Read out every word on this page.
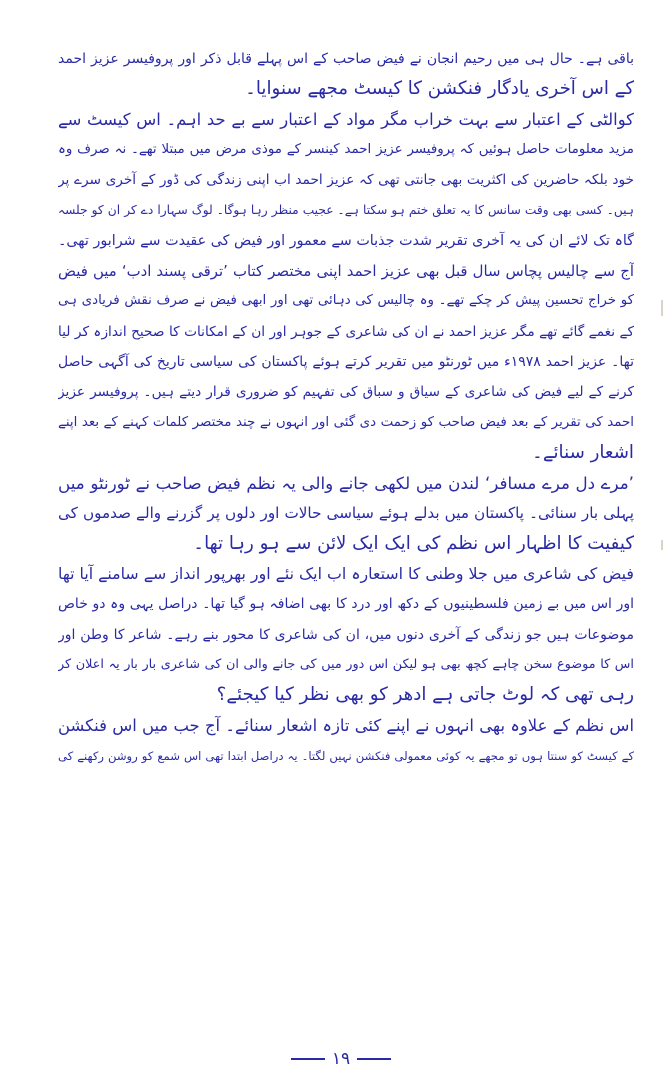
باقی ہے۔ حال ہی میں رحیم انجان نے فیض صاحب کے اس پہلے قابل ذکر اور پروفیسر عزیز احمد
کے اس آخری یادگار فنکشن کا کیسٹ مجھے سنوایا۔
کوالٹی کے اعتبار سے بہت خراب مگر مواد کے اعتبار سے بے حد اہم۔ اس کیسٹ سے
مزید معلومات حاصل ہوئیں کہ پروفیسر عزیز احمد کینسر کے موذی مرض میں مبتلا تھے۔ نہ صرف وہ
خود بلکہ حاضرین کی اکثریت بھی جانتی تھی کہ عزیز احمد اب اپنی زندگی کی ڈور کے آخری سرے پر
ہیں۔ کسی بھی وقت سانس کا یہ تعلق ختم ہو سکتا ہے۔ عجیب منظر رہا ہوگا۔ لوگ سہارا دے کر ان کو جلسہ
گاہ تک لائے ان کی یہ آخری تقریر شدت جذبات سے معمور اور فیض کی عقیدت سے شرابور تھی۔
آج سے چالیس پچاس سال قبل بھی عزیز احمد اپنی مختصر کتاب ’ترقی پسند ادب‘ میں فیض
کو خراج تحسین پیش کر چکے تھے۔ وہ چالیس کی دہائی تھی اور ابھی فیض نے صرف نقش فریادی ہی
کے نغمے گائے تھے مگر عزیز احمد نے ان کی شاعری کے جوہر اور ان کے امکانات کا صحیح اندازہ کر لیا
تھا۔ عزیز احمد ۱۹۷۸ء میں ٹورنٹو میں تقریر کرتے ہوئے پاکستان کی سیاسی تاریخ کی آگہی حاصل
کرنے کے لیے فیض کی شاعری کے سیاق و سباق کی تفہیم کو ضروری قرار دیتے ہیں۔ پروفیسر عزیز
احمد کی تقریر کے بعد فیض صاحب کو زحمت دی گئی اور انہوں نے چند مختصر کلمات کہنے کے بعد اپنے
اشعار سنائے۔
’مرے دل مرے مسافر‘ لندن میں لکھی جانے والی یہ نظم فیض صاحب نے ٹورنٹو میں
پہلی بار سنائی۔ پاکستان میں بدلے ہوئے سیاسی حالات اور دلوں پر گزرنے والے صدموں کی
کیفیت کا اظہار اس نظم کی ایک ایک لائن سے ہو رہا تھا۔
فیض کی شاعری میں جلا وطنی کا استعارہ اب ایک نئے اور بھرپور انداز سے سامنے آیا تھا
اور اس میں بے زمین فلسطینیوں کے دکھ اور درد کا بھی اضافہ ہو گیا تھا۔ دراصل یہی وہ دو خاص
موضوعات ہیں جو زندگی کے آخری دنوں میں، ان کی شاعری کا محور بنے رہے۔ شاعر کا وطن اور
اس کا موضوع سخن چاہے کچھ بھی ہو لیکن اس دور میں کی جانے والی ان کی شاعری بار بار یہ اعلان کر
رہی تھی کہ لوٹ جاتی ہے ادھر کو بھی نظر کیا کیجئے؟
اس نظم کے علاوہ بھی انہوں نے اپنے کئی تازہ اشعار سنائے۔ آج جب میں اس فنکشن
کے کیسٹ کو سنتا ہوں تو مجھے یہ کوئی معمولی فنکشن نہیں لگتا۔ یہ دراصل ابتدا تھی اس شمع کو روشن رکھنے کی
۱۹
